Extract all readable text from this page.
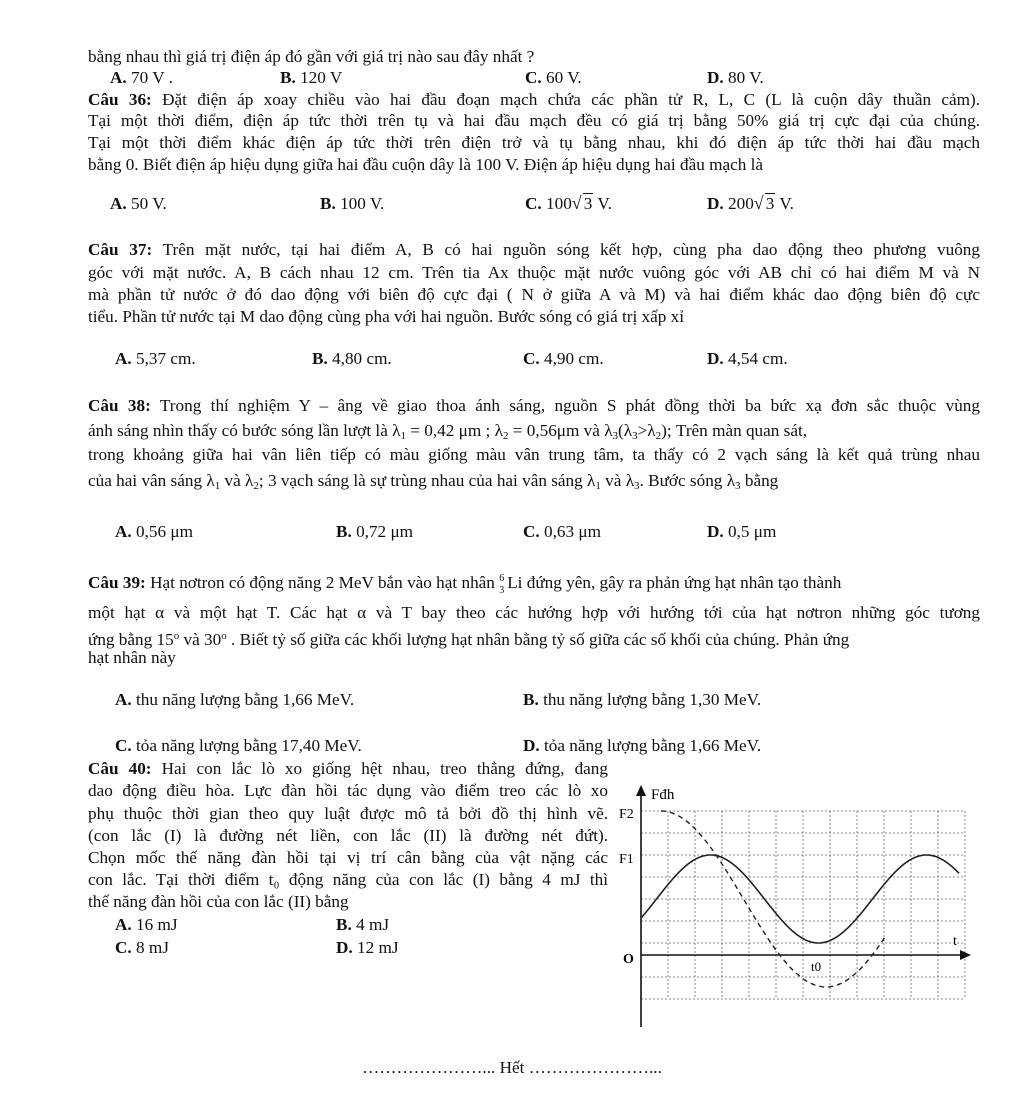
bằng nhau thì giá trị điện áp đó gần với giá trị nào sau đây nhất ?
A. 70 V .	B. 120 V	C. 60 V.	D. 80 V.
Câu 36: Đặt điện áp xoay chiều vào hai đầu đoạn mạch chứa các phần tử R, L, C (L là cuộn dây thuần cảm).
Tại một thời điểm, điện áp tức thời trên tụ và hai đầu mạch đều có giá trị bằng 50% giá trị cực đại của chúng.
Tại một thời điểm khác điện áp tức thời trên điện trở và tụ bằng nhau, khi đó điện áp tức thời hai đầu mạch
bằng 0. Biết điện áp hiệu dụng giữa hai đầu cuộn dây là 100 V. Điện áp hiệu dụng hai đầu mạch là
A. 50 V.	B. 100 V.	C. 100 √ 3 V.	D. 200 √ 3 V.
Câu 37: Trên mặt nước, tại hai điểm A, B có hai nguồn sóng kết hợp, cùng pha dao động theo phương vuông
góc với mặt nước. A, B cách nhau 12 cm. Trên tia Ax thuộc mặt nước vuông góc với AB chỉ có hai điểm M và N
mà phần tử nước ở đó dao động với biên độ cực đại ( N ở giữa A và M) và hai điểm khác dao động biên độ cực
tiểu. Phần tử nước tại M dao động cùng pha với hai nguồn. Bước sóng có giá trị xấp xỉ
A. 5,37 cm.	B. 4,80 cm.	C. 4,90 cm.	D. 4,54 cm.
Câu 38: Trong thí nghiệm Y – âng về giao thoa ánh sáng, nguồn S phát đồng thời ba bức xạ đơn sắc thuộc vùng
ánh sáng nhìn thấy có bước sóng lần lượt là $\lambda_1 = 0,42$ μm ; $\lambda_2 = 0,56\mu m$ và $\lambda_3(\lambda_3>\lambda_2)$; Trên màn quan sát,
trong khoảng giữa hai vân liên tiếp có màu giống màu vân trung tâm, ta thấy có 2 vạch sáng là kết quả trùng nhau
của hai vân sáng $\lambda_1$ và $\lambda_2$; 3 vạch sáng là sự trùng nhau của hai vân sáng $\lambda_1$ và $\lambda_3$. Bước sóng $\lambda_3$ bằng
A. 0,56 μm	B. 0,72 μm	C. 0,63 μm	D. 0,5 μm
Câu 39: Hạt nơtron có động năng 2 MeV bắn vào hạt nhân 6
3 Li đứng yên, gây ra phản ứng hạt nhân tạo thành
một hạt α và một hạt T. Các hạt α và T bay theo các hướng hợp với hướng tới của hạt nơtron những góc tương
ứng bằng 15$^o$ và 30$^o$ . Biết tỷ số giữa các khối lượng hạt nhân bằng tỷ số giữa các số khối của chúng. Phản ứng
hạt nhân này
A. thu năng lượng bằng 1,66 MeV.	B. thu năng lượng bằng 1,30 MeV.
C. tỏa năng lượng bằng 17,40 MeV.	D. tỏa năng lượng bằng 1,66 MeV.
Câu 40: Hai con lắc lò xo giống hệt nhau, treo thẳng đứng, đang
dao động điều hòa. Lực đàn hồi tác dụng vào điểm treo các lò xo
phụ thuộc thời gian theo quy luật được mô tả bởi đồ thị hình vẽ.
(con lắc (I) là đường nét liền, con lắc (II) là đường nét đứt).
Chọn mốc thế năng đàn hồi tại vị trí cân bằng của vật nặng các
con lắc. Tại thời điểm t₀ động năng của con lắc (I) bằng 4 mJ thì
thế năng đàn hồi của con lắc (II) bằng
A. 16 mJ	B. 4 mJ
C. 8 mJ	D. 12 mJ
Fđh
F2
F1
O
t
t0
…………………... Hết …………………...
